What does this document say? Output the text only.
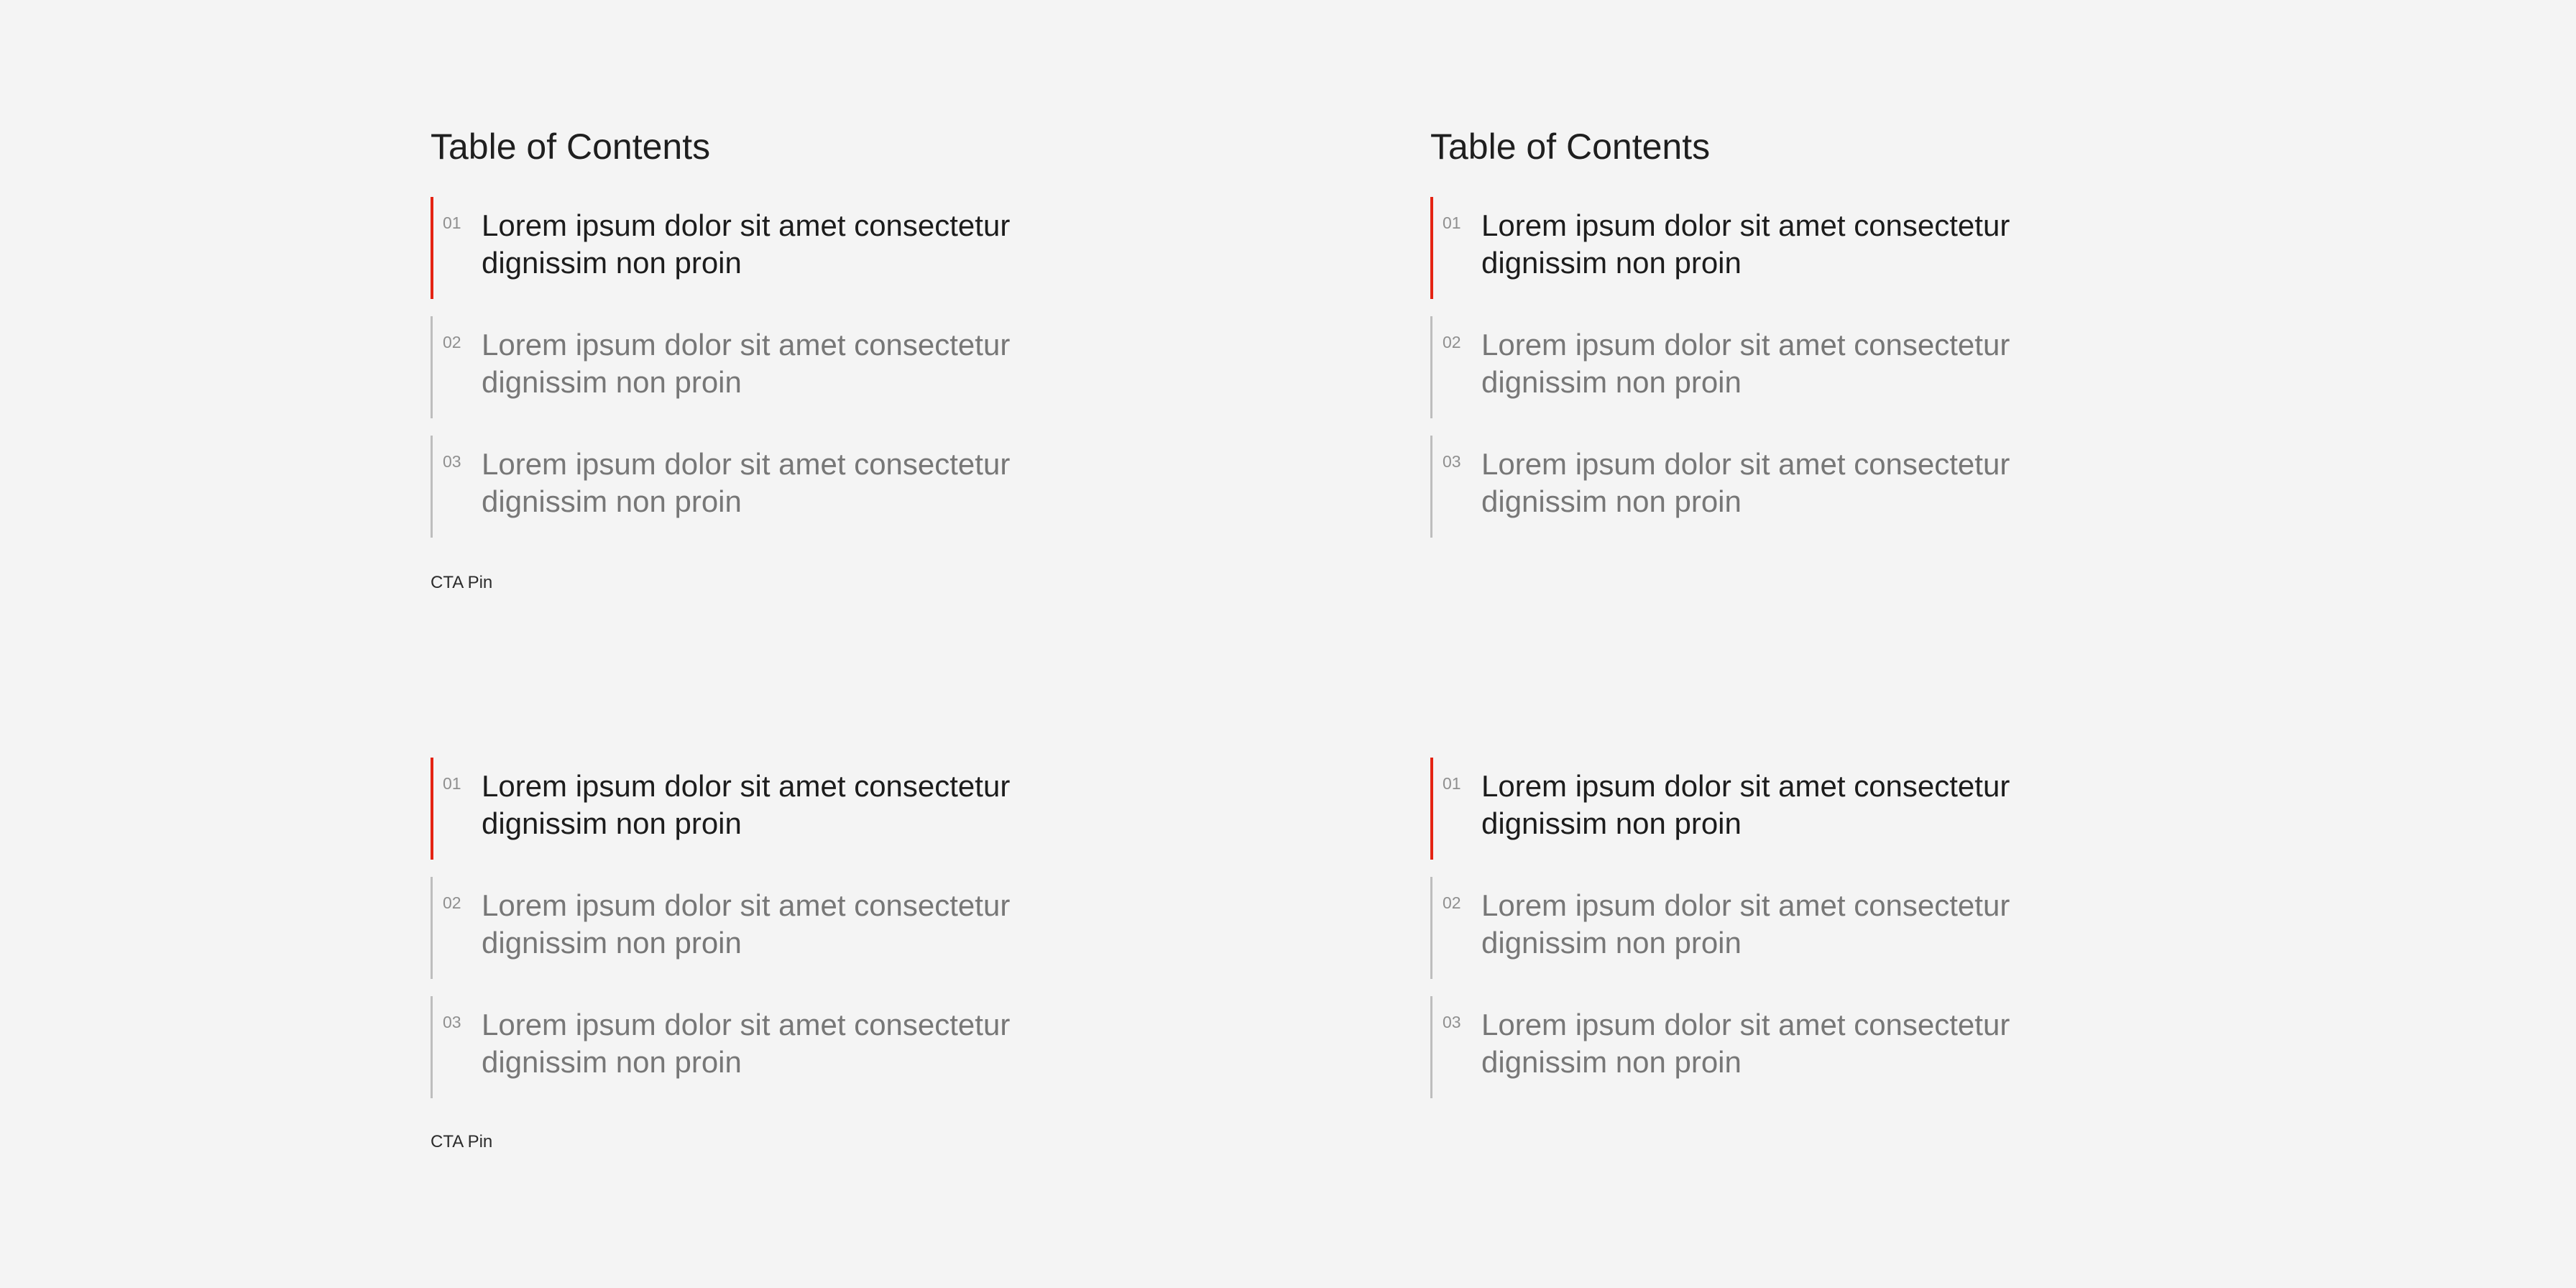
Table of Contents
01 Lorem ipsum dolor sit amet consectetur dignissim non proin
02 Lorem ipsum dolor sit amet consectetur dignissim non proin
03 Lorem ipsum dolor sit amet consectetur dignissim non proin
CTA Pin
Table of Contents
01 Lorem ipsum dolor sit amet consectetur dignissim non proin
02 Lorem ipsum dolor sit amet consectetur dignissim non proin
03 Lorem ipsum dolor sit amet consectetur dignissim non proin
01 Lorem ipsum dolor sit amet consectetur dignissim non proin
02 Lorem ipsum dolor sit amet consectetur dignissim non proin
03 Lorem ipsum dolor sit amet consectetur dignissim non proin
CTA Pin
01 Lorem ipsum dolor sit amet consectetur dignissim non proin
02 Lorem ipsum dolor sit amet consectetur dignissim non proin
03 Lorem ipsum dolor sit amet consectetur dignissim non proin
